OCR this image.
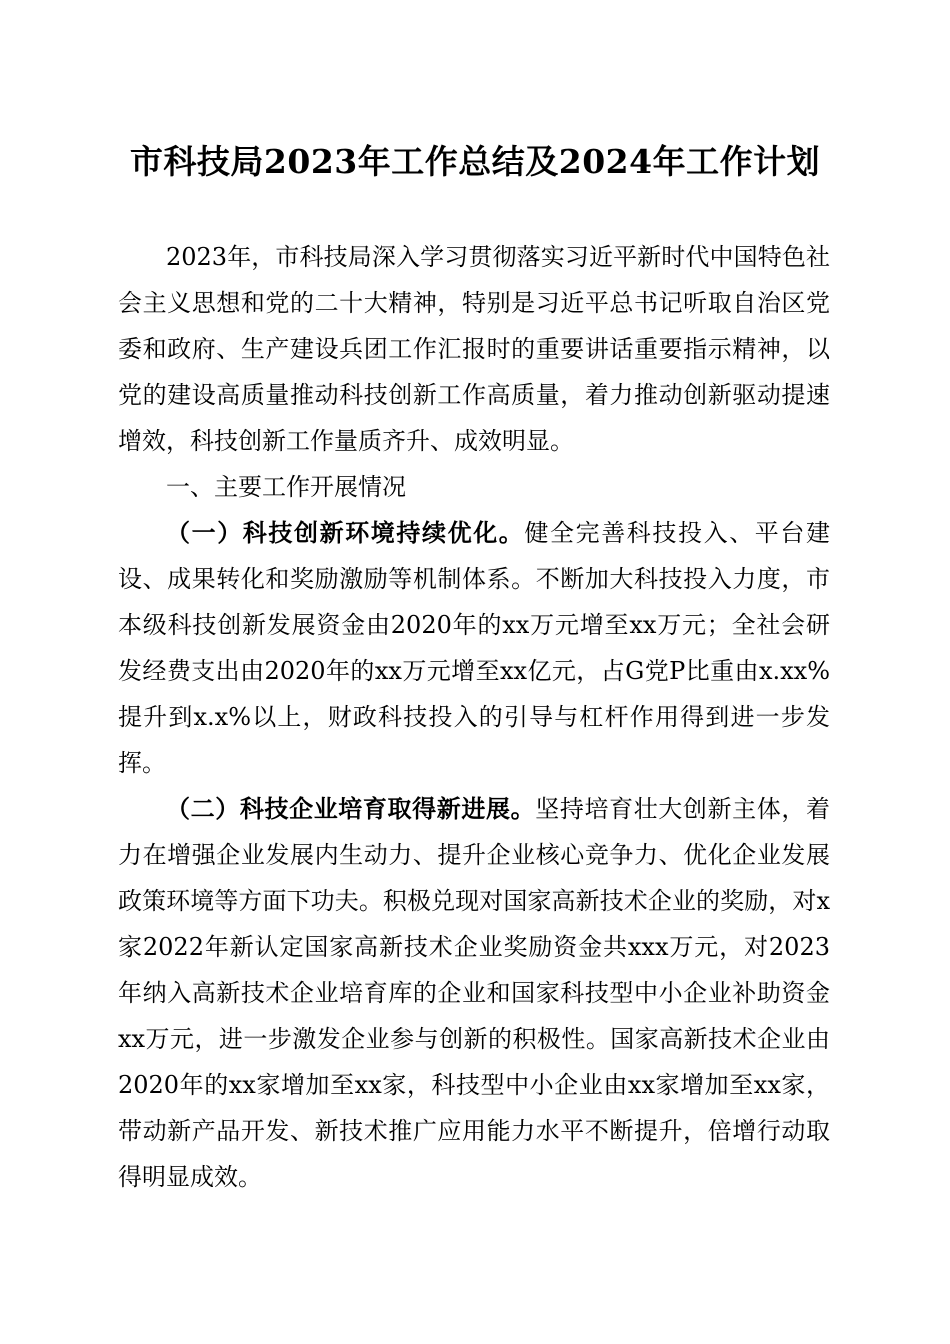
市科技局2023年工作总结及2024年工作计划

2023年，市科技局深入学习贯彻落实习近平新时代中国特色社会主义思想和党的二十大精神，特别是习近平总书记听取自治区党委和政府、生产建设兵团工作汇报时的重要讲话重要指示精神，以党的建设高质量推动科技创新工作高质量，着力推动创新驱动提速增效，科技创新工作量质齐升、成效明显。

一、主要工作开展情况

（一）科技创新环境持续优化。健全完善科技投入、平台建设、成果转化和奖励激励等机制体系。不断加大科技投入力度，市本级科技创新发展资金由2020年的xx万元增至xx万元；全社会研发经费支出由2020年的xx万元增至xx亿元，占G党P比重由x.xx%提升到x.x%以上，财政科技投入的引导与杠杆作用得到进一步发挥。

（二）科技企业培育取得新进展。坚持培育壮大创新主体，着力在增强企业发展内生动力、提升企业核心竞争力、优化企业发展政策环境等方面下功夫。积极兑现对国家高新技术企业的奖励，对x家2022年新认定国家高新技术企业奖励资金共xxx万元，对2023年纳入高新技术企业培育库的企业和国家科技型中小企业补助资金xx万元，进一步激发企业参与创新的积极性。国家高新技术企业由2020年的xx家增加至xx家，科技型中小企业由xx家增加至xx家，带动新产品开发、新技术推广应用能力水平不断提升，倍增行动取得明显成效。
